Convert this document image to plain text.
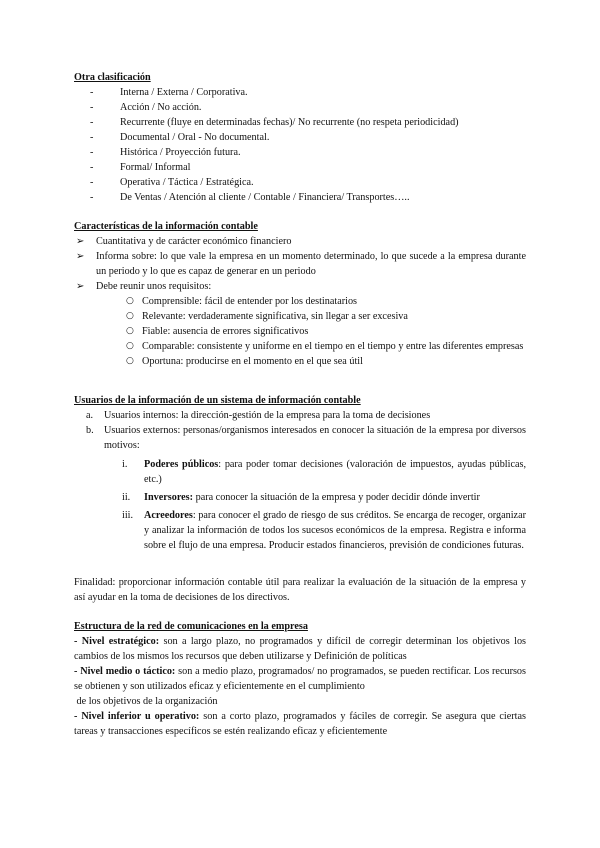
Otra clasificación

- Interna / Externa / Corporativa.
- Acción / No acción.
- Recurrente (fluye en determinadas fechas)/ No recurrente (no respeta periodicidad)
- Documental / Oral - No documental.
- Histórica / Proyección futura.
- Formal/ Informal
- Operativa / Táctica / Estratégica.
- De Ventas / Atención al cliente / Contable / Financiera/ Transportes…..

Características de la información contable

➢ Cuantitativa y de carácter económico financiero
➢ Informa sobre: lo que vale la empresa en un momento determinado, lo que sucede a la empresa durante un periodo y lo que es capaz de generar en un periodo
➢ Debe reunir unos requisitos:
○ Comprensible: fácil de entender por los destinatarios
○ Relevante: verdaderamente significativa, sin llegar a ser excesiva
○ Fiable: ausencia de errores significativos
○ Comparable: consistente y uniforme en el tiempo en el tiempo y entre las diferentes empresas
○ Oportuna: producirse en el momento en el que sea útil

Usuarios de la información de un sistema de información contable

a. Usuarios internos: la dirección-gestión de la empresa para la toma de decisiones
b. Usuarios externos: personas/organismos interesados en conocer la situación de la empresa por diversos motivos:
i. Poderes públicos: para poder tomar decisiones (valoración de impuestos, ayudas públicas, etc.)
ii. Inversores: para conocer la situación de la empresa y poder decidir dónde invertir
iii. Acreedores: para conocer el grado de riesgo de sus créditos. Se encarga de recoger, organizar y analizar la información de todos los sucesos económicos de la empresa. Registra e informa sobre el flujo de una empresa. Producir estados financieros, previsión de condiciones futuras.

Finalidad: proporcionar información contable útil para realizar la evaluación de la situación de la empresa y así ayudar en la toma de decisiones de los directivos.

Estructura de la red de comunicaciones en la empresa

- Nivel estratégico: son a largo plazo, no programados y difícil de corregir determinan los objetivos los cambios de los mismos los recursos que deben utilizarse y Definición de políticas

- Nivel medio o táctico: son a medio plazo, programados/ no programados, se pueden rectificar. Los recursos se obtienen y son utilizados eficaz y eficientemente en el cumplimiento

de los objetivos de la organización

- Nivel inferior u operativo: son a corto plazo, programados y fáciles de corregir. Se asegura que ciertas tareas y transacciones específicos se estén realizando eficaz y eficientemente
